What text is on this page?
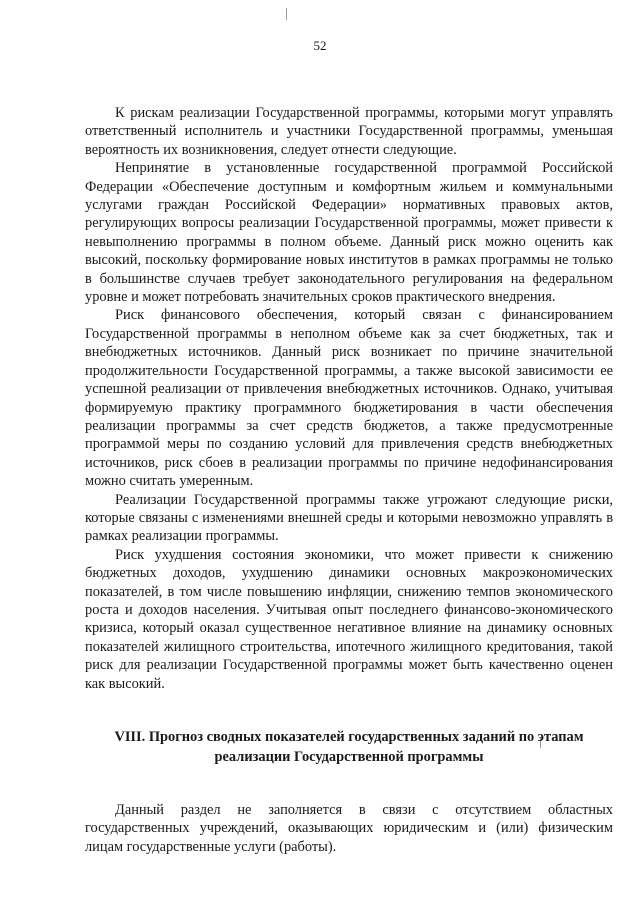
52

К рискам реализации Государственной программы, которыми могут управлять ответственный исполнитель и участники Государственной программы, уменьшая вероятность их возникновения, следует отнести следующие.

Непринятие в установленные государственной программой Российской Федерации «Обеспечение доступным и комфортным жильем и коммунальными услугами граждан Российской Федерации» нормативных правовых актов, регулирующих вопросы реализации Государственной программы, может привести к невыполнению программы в полном объеме. Данный риск можно оценить как высокий, поскольку формирование новых институтов в рамках программы не только в большинстве случаев требует законодательного регулирования на федеральном уровне и может потребовать значительных сроков практического внедрения.

Риск финансового обеспечения, который связан с финансированием Государственной программы в неполном объеме как за счет бюджетных, так и внебюджетных источников. Данный риск возникает по причине значительной продолжительности Государственной программы, а также высокой зависимости ее успешной реализации от привлечения внебюджетных источников. Однако, учитывая формируемую практику программного бюджетирования в части обеспечения реализации программы за счет средств бюджетов, а также предусмотренные программой меры по созданию условий для привлечения средств внебюджетных источников, риск сбоев в реализации программы по причине недофинансирования можно считать умеренным.

Реализации Государственной программы также угрожают следующие риски, которые связаны с изменениями внешней среды и которыми невозможно управлять в рамках реализации программы.

Риск ухудшения состояния экономики, что может привести к снижению бюджетных доходов, ухудшению динамики основных макроэкономических показателей, в том числе повышению инфляции, снижению темпов экономического роста и доходов населения. Учитывая опыт последнего финансово-экономического кризиса, который оказал существенное негативное влияние на динамику основных показателей жилищного строительства, ипотечного жилищного кредитования, такой риск для реализации Государственной программы может быть качественно оценен как высокий.

VIII. Прогноз сводных показателей государственных заданий по этапам
реализации Государственной программы

Данный раздел не заполняется в связи с отсутствием областных государственных учреждений, оказывающих юридическим и (или) физическим лицам государственные услуги (работы).
